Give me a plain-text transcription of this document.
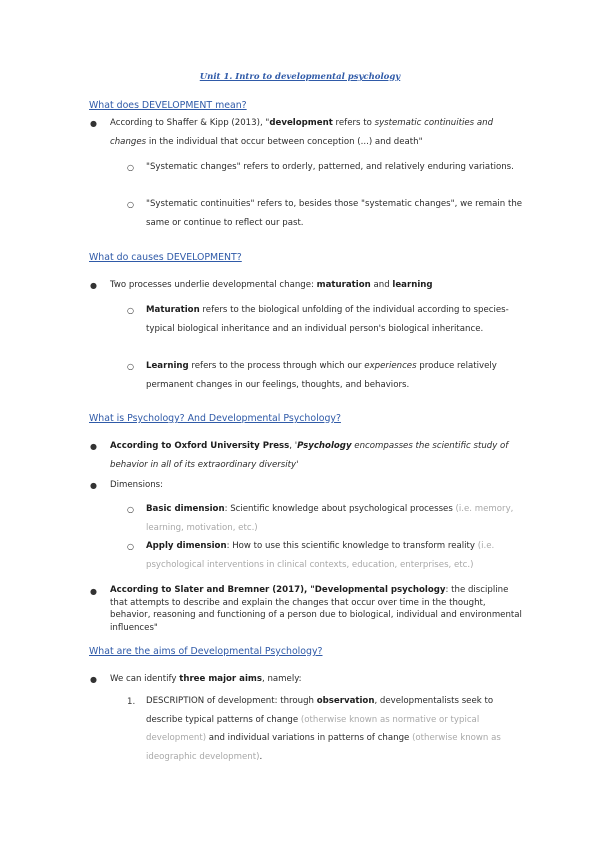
Unit 1. Intro to developmental psychology
What does DEVELOPMENT mean?
● According to Shaffer & Kipp (2013), "development refers to systematic continuities and changes in the individual that occur between conception (...) and death"
○ "Systematic changes" refers to orderly, patterned, and relatively enduring variations.
○ "Systematic continuities" refers to, besides those "systematic changes", we remain the same or continue to reflect our past.
What do causes DEVELOPMENT?
● Two processes underlie developmental change: maturation and learning
○ Maturation refers to the biological unfolding of the individual according to species-typical biological inheritance and an individual person's biological inheritance.
○ Learning refers to the process through which our experiences produce relatively permanent changes in our feelings, thoughts, and behaviors.
What is Psychology? And Developmental Psychology?
● According to Oxford University Press, 'Psychology encompasses the scientific study of behavior in all of its extraordinary diversity'
● Dimensions:
○ Basic dimension: Scientific knowledge about psychological processes (i.e. memory, learning, motivation, etc.)
○ Apply dimension: How to use this scientific knowledge to transform reality (i.e. psychological interventions in clinical contexts, education, enterprises, etc.)
● According to Slater and Bremner (2017), "Developmental psychology: the discipline that attempts to describe and explain the changes that occur over time in the thought, behavior, reasoning and functioning of a person due to biological, individual and environmental influences"
What are the aims of Developmental Psychology?
● We can identify three major aims, namely:
1. DESCRIPTION of development: through observation, developmentalists seek to describe typical patterns of change (otherwise known as normative or typical development) and individual variations in patterns of change (otherwise known as ideographic development).
